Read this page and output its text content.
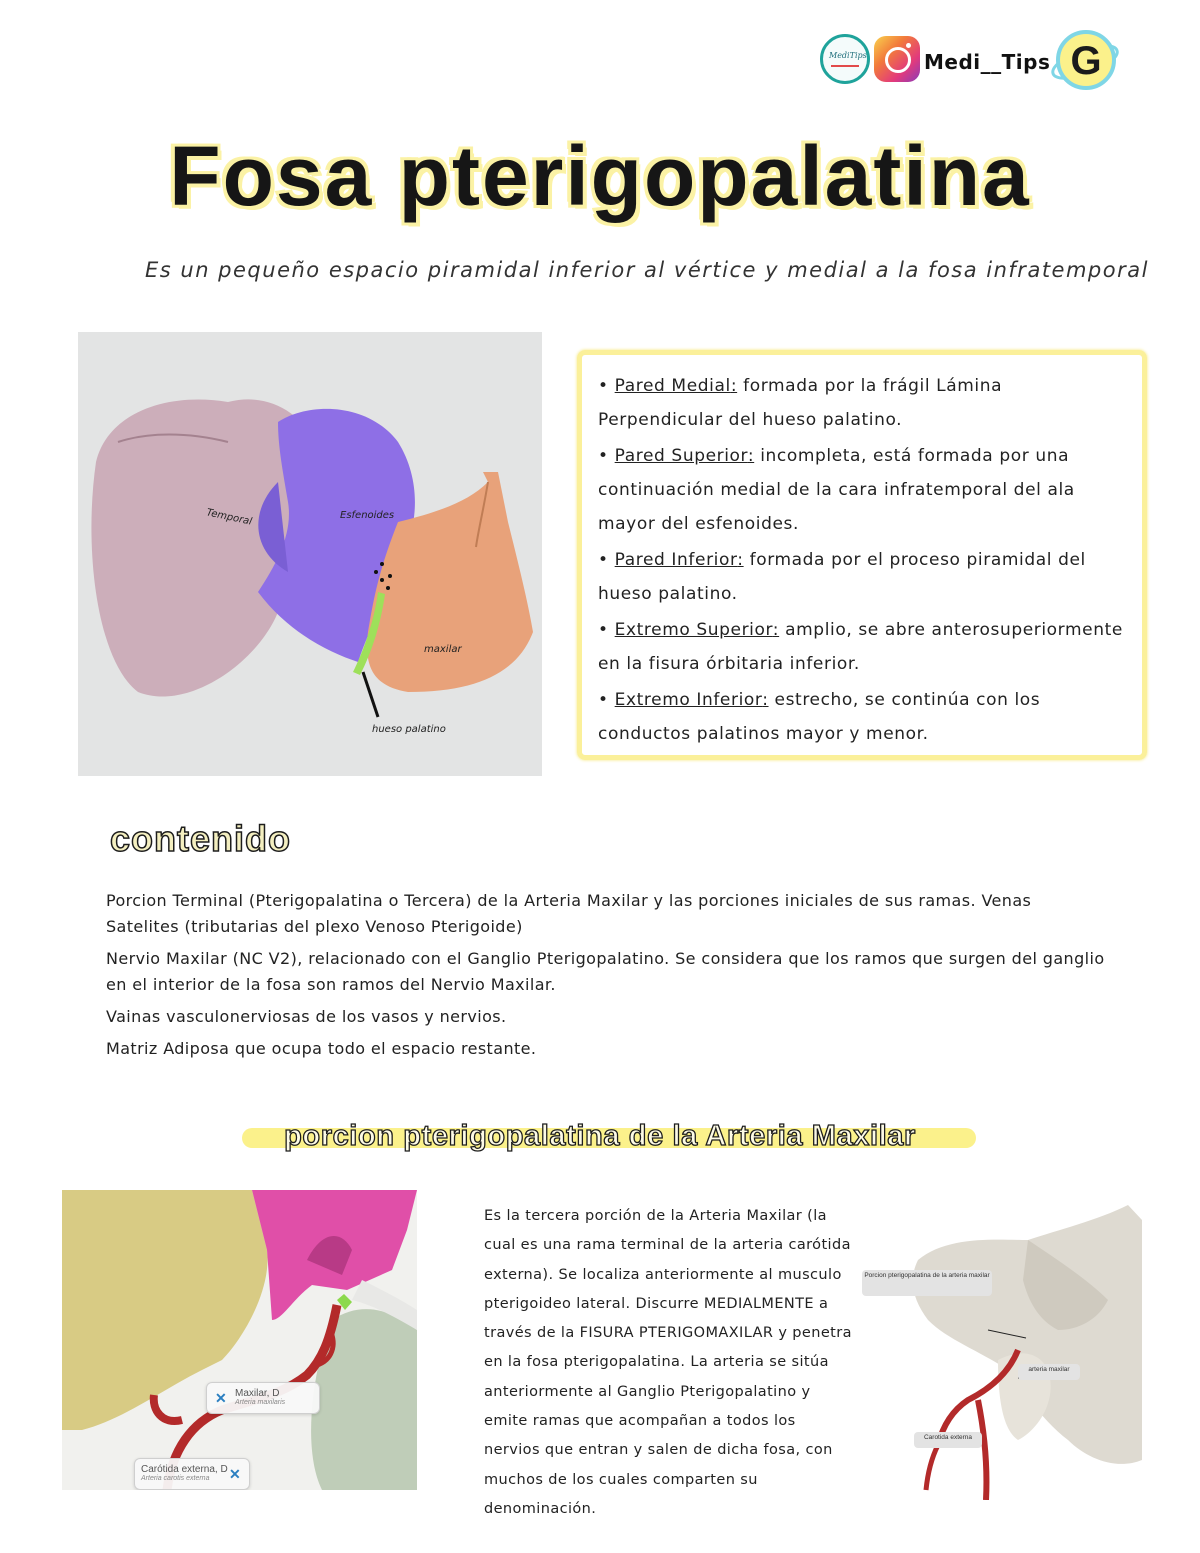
MediTips	Medi__Tips G
Fosa pterigopalatina
Es un pequeño espacio piramidal inferior al vértice y medial a la fosa infratemporal
Temporal	Esfenoides
maxilar
hueso palatino
• Pared Medial: formada por la frágil Lámina Perpendicular del hueso palatino.
• Pared Superior: incompleta, está formada por una continuación medial de la cara infratemporal del ala mayor del esfenoides.
• Pared Inferior: formada por el proceso piramidal del hueso palatino.
• Extremo Superior: amplio, se abre anterosuperiormente en la fisura órbitaria inferior.
• Extremo Inferior: estrecho, se continúa con los conductos palatinos mayor y menor.
contenido
Porcion Terminal (Pterigopalatina o Tercera) de la Arteria Maxilar y las porciones iniciales de sus ramas. Venas Satelites (tributarias del plexo Venoso Pterigoide)
Nervio Maxilar (NC V2), relacionado con el Ganglio Pterigopalatino. Se considera que los ramos que surgen del ganglio en el interior de la fosa son ramos del Nervio Maxilar.
Vainas vasculonerviosas de los vasos y nervios.
Matriz Adiposa que ocupa todo el espacio restante.
porcion pterigopalatina de la Arteria Maxilar
✕ Maxilar, D
Arteria maxilaris
Carótida externa, D
Arteria carotis externa	✕
Es la tercera porción de la Arteria Maxilar (la cual es una rama terminal de la arteria carótida externa). Se localiza anteriormente al musculo pterigoideo lateral. Discurre MEDIALMENTE a través de la FISURA PTERIGOMAXILAR y penetra en la fosa pterigopalatina. La arteria se sitúa anteriormente al Ganglio Pterigopalatino y emite ramas que acompañan a todos los nervios que entran y salen de dicha fosa, con muchos de los cuales comparten su denominación.
Porcion pterigopalatina de la arteria maxilar
arteria maxilar
Carotida externa
